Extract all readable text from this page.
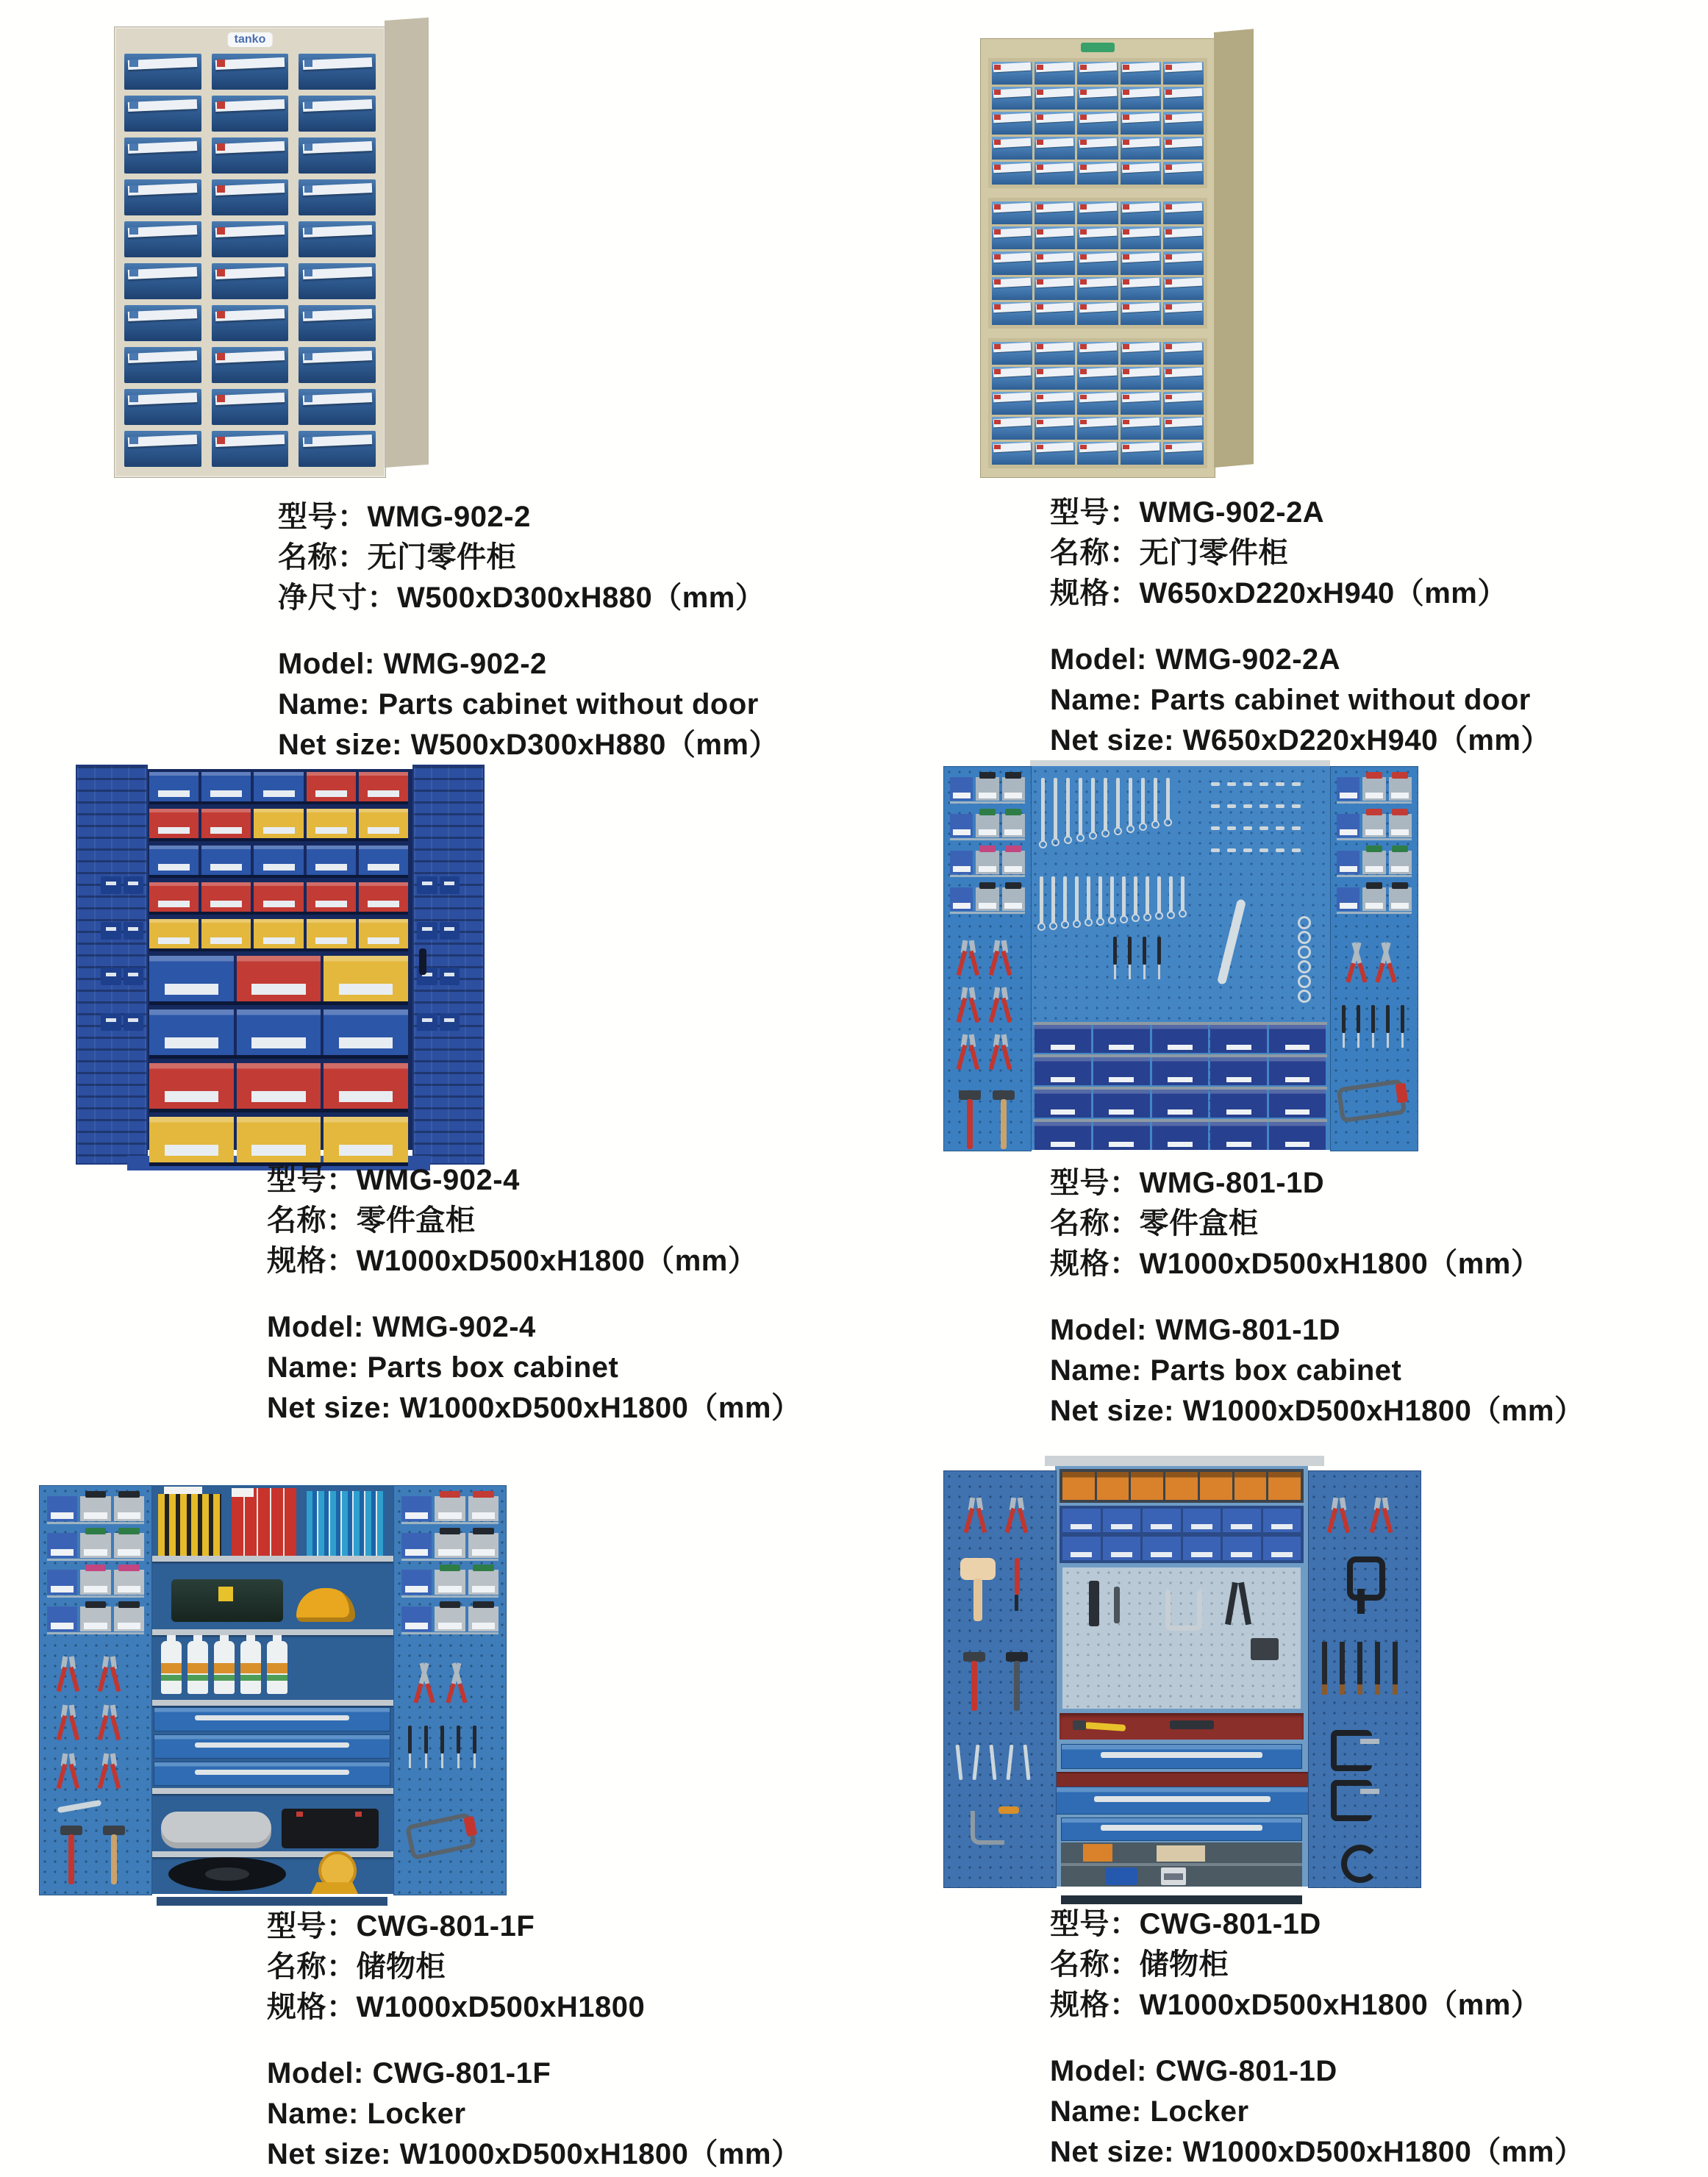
tanko
型号：WMG-902-2
名称：无门零件柜
净尺寸：W500xD300xH880（mm）
Model: WMG-902-2
Name: Parts cabinet without door
Net size: W500xD300xH880（mm）
型号：WMG-902-2A
名称：无门零件柜
规格：W650xD220xH940（mm）
Model: WMG-902-2A
Name: Parts cabinet without door
Net size: W650xD220xH940（mm）
型号：WMG-902-4
名称：零件盒柜
规格：W1000xD500xH1800（mm）
Model: WMG-902-4
Name: Parts box cabinet
Net size: W1000xD500xH1800（mm）
型号：WMG-801-1D
名称：零件盒柜
规格：W1000xD500xH1800（mm）
Model: WMG-801-1D
Name: Parts box cabinet
Net size: W1000xD500xH1800（mm）
型号：CWG-801-1F
名称：储物柜
规格：W1000xD500xH1800
Model: CWG-801-1F
Name: Locker
Net size: W1000xD500xH1800（mm）
型号：CWG-801-1D
名称：储物柜
规格：W1000xD500xH1800（mm）
Model: CWG-801-1D
Name: Locker
Net size: W1000xD500xH1800（mm）
